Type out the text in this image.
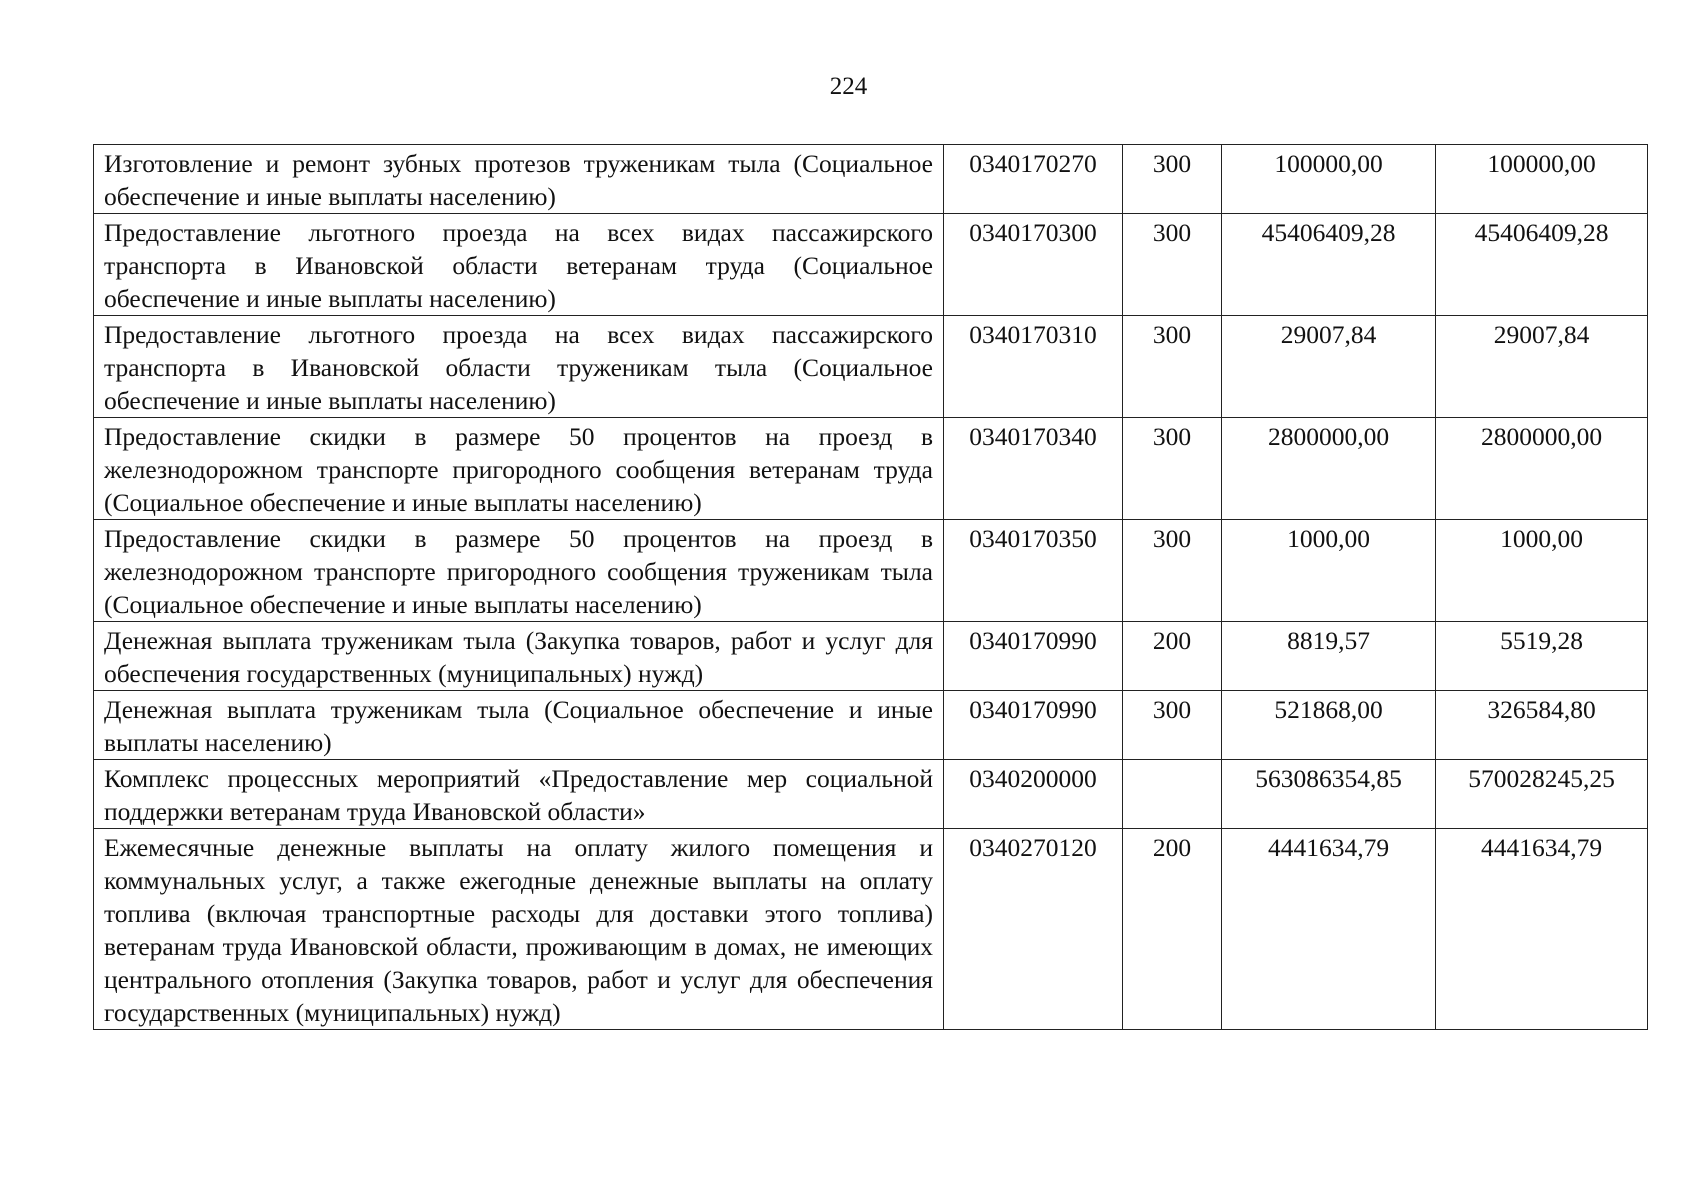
224
Изготовление и ремонт зубных протезов труженикам тыла (Социальное обеспечение и иные выплаты населению)	0340170270	300	100000,00	100000,00
Предоставление льготного проезда на всех видах пассажирского транспорта в Ивановской области ветеранам труда (Социальное обеспечение и иные выплаты населению)	0340170300	300	45406409,28	45406409,28
Предоставление льготного проезда на всех видах пассажирского транспорта в Ивановской области труженикам тыла (Социальное обеспечение и иные выплаты населению)	0340170310	300	29007,84	29007,84
Предоставление скидки в размере 50 процентов на проезд в железнодорожном транспорте пригородного сообщения ветеранам труда (Социальное обеспечение и иные выплаты населению)	0340170340	300	2800000,00	2800000,00
Предоставление скидки в размере 50 процентов на проезд в железнодорожном транспорте пригородного сообщения труженикам тыла (Социальное обеспечение и иные выплаты населению)	0340170350	300	1000,00	1000,00
Денежная выплата труженикам тыла (Закупка товаров, работ и услуг для обеспечения государственных (муниципальных) нужд)	0340170990	200	8819,57	5519,28
Денежная выплата труженикам тыла (Социальное обеспечение и иные выплаты населению)	0340170990	300	521868,00	326584,80
Комплекс процессных мероприятий «Предоставление мер социальной поддержки ветеранам труда Ивановской области»	0340200000		563086354,85	570028245,25
Ежемесячные денежные выплаты на оплату жилого помещения и коммунальных услуг, а также ежегодные денежные выплаты на оплату топлива (включая транспортные расходы для доставки этого топлива) ветеранам труда Ивановской области, проживающим в домах, не имеющих центрального отопления (Закупка товаров, работ и услуг для обеспечения государственных (муниципальных) нужд)	0340270120	200	4441634,79	4441634,79
